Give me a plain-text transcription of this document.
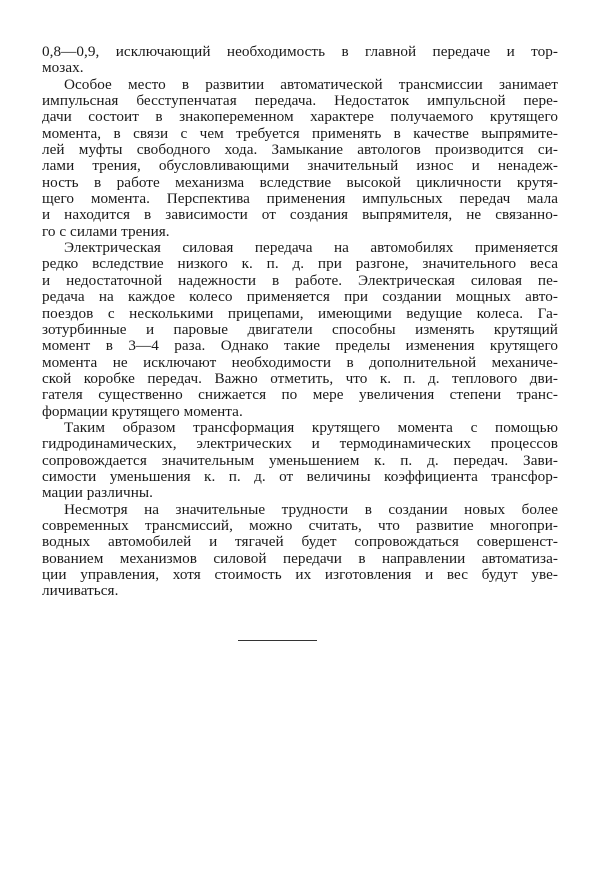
0,8—0,9, исключающий необходимость в главной передаче и тор-
мозах.
Особое место в развитии автоматической трансмиссии занимает
импульсная бесступенчатая передача. Недостаток импульсной пере-
дачи состоит в знакопеременном характере получаемого крутящего
момента, в связи с чем требуется применять в качестве выпрямите-
лей муфты свободного хода. Замыкание автологов производится си-
лами трения, обусловливающими значительный износ и ненадеж-
ность в работе механизма вследствие высокой цикличности крутя-
щего момента. Перспектива применения импульсных передач мала
и находится в зависимости от создания выпрямителя, не связанно-
го с силами трения.
Электрическая силовая передача на автомобилях применяется
редко вследствие низкого к. п. д. при разгоне, значительного веса
и недостаточной надежности в работе. Электрическая силовая пе-
редача на каждое колесо применяется при создании мощных авто-
поездов с несколькими прицепами, имеющими ведущие колеса. Га-
зотурбинные и паровые двигатели способны изменять крутящий
момент в 3—4 раза. Однако такие пределы изменения крутящего
момента не исключают необходимости в дополнительной механиче-
ской коробке передач. Важно отметить, что к. п. д. теплового дви-
гателя существенно снижается по мере увеличения степени транс-
формации крутящего момента.
Таким образом трансформация крутящего момента с помощью
гидродинамических, электрических и термодинамических процессов
сопровождается значительным уменьшением к. п. д. передач. Зави-
симости уменьшения к. п. д. от величины коэффициента трансфор-
мации различны.
Несмотря на значительные трудности в создании новых более
современных трансмиссий, можно считать, что развитие многопри-
водных автомобилей и тягачей будет сопровождаться совершенст-
вованием механизмов силовой передачи в направлении автоматиза-
ции управления, хотя стоимость их изготовления и вес будут уве-
личиваться.
